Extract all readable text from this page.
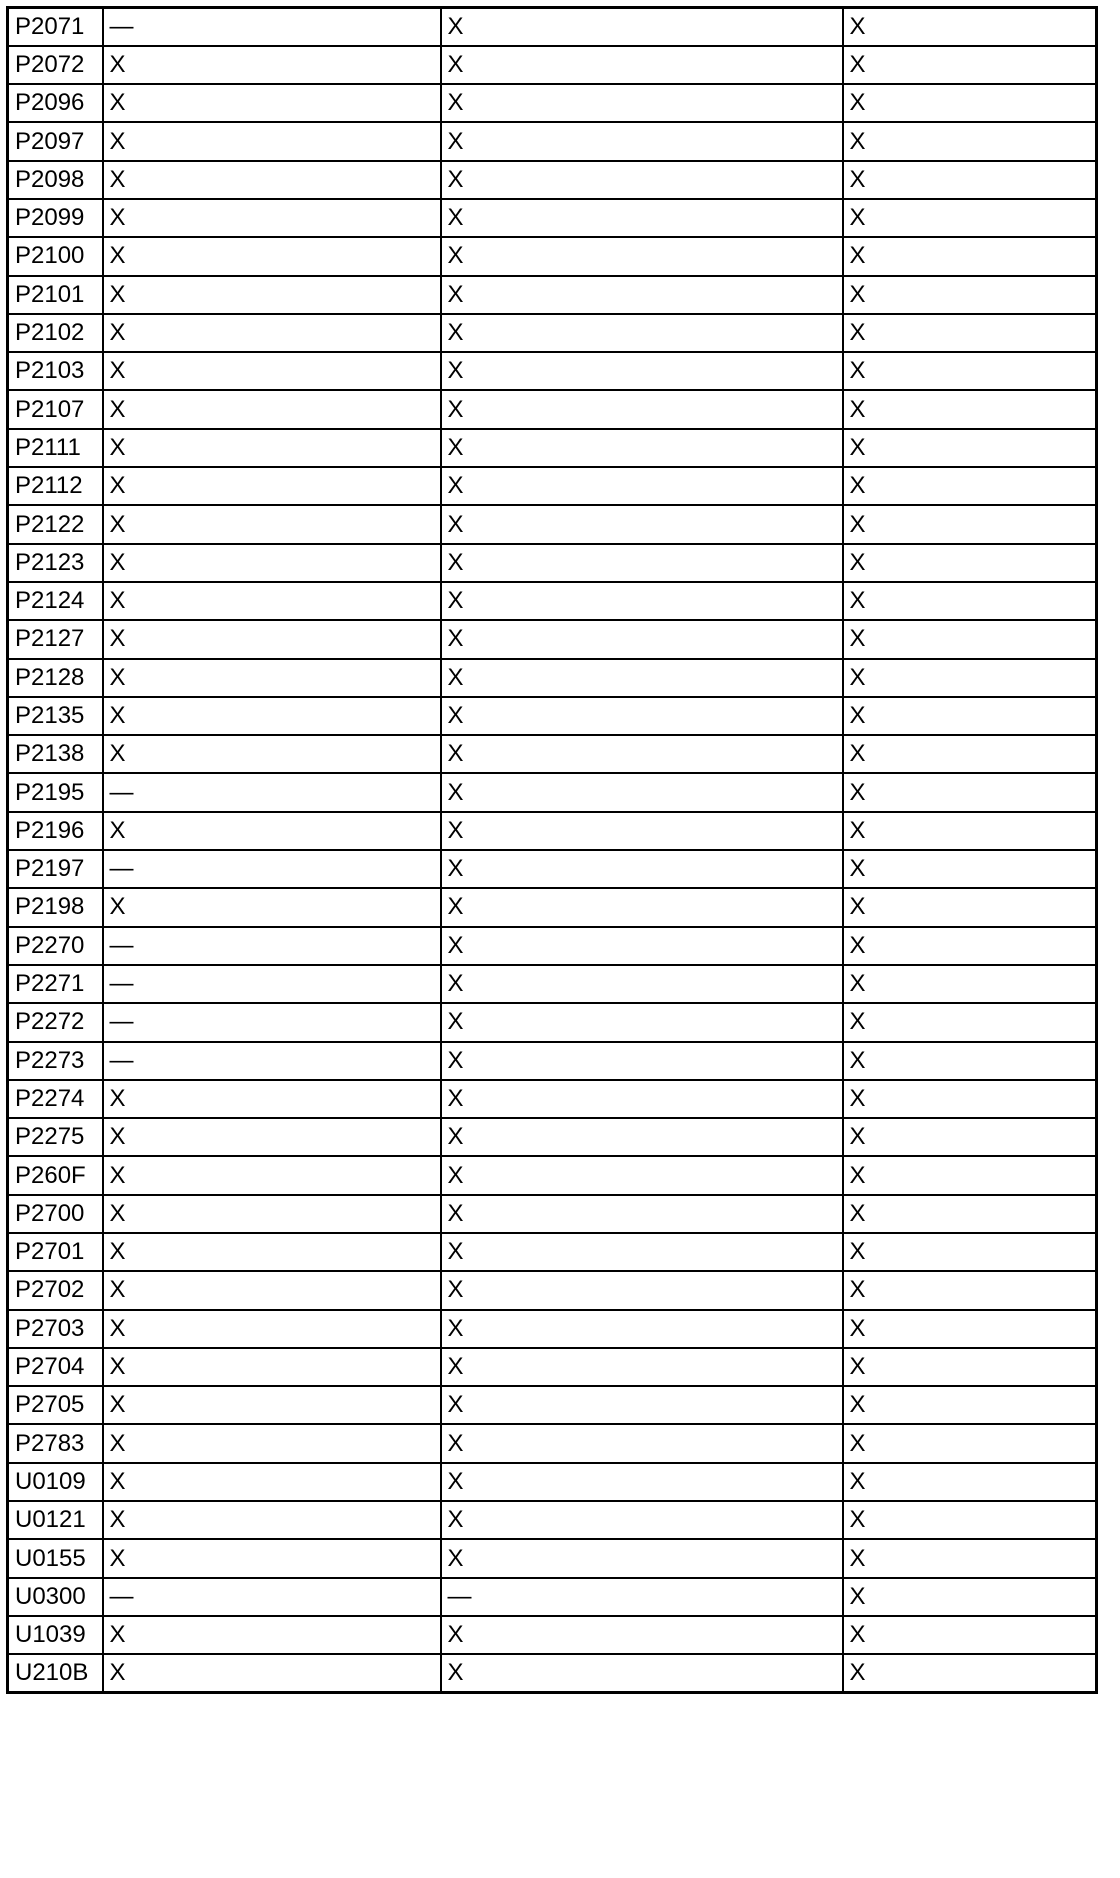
P2071	—	X	X
P2072	X	X	X
P2096	X	X	X
P2097	X	X	X
P2098	X	X	X
P2099	X	X	X
P2100	X	X	X
P2101	X	X	X
P2102	X	X	X
P2103	X	X	X
P2107	X	X	X
P2111	X	X	X
P2112	X	X	X
P2122	X	X	X
P2123	X	X	X
P2124	X	X	X
P2127	X	X	X
P2128	X	X	X
P2135	X	X	X
P2138	X	X	X
P2195	—	X	X
P2196	X	X	X
P2197	—	X	X
P2198	X	X	X
P2270	—	X	X
P2271	—	X	X
P2272	—	X	X
P2273	—	X	X
P2274	X	X	X
P2275	X	X	X
P260F	X	X	X
P2700	X	X	X
P2701	X	X	X
P2702	X	X	X
P2703	X	X	X
P2704	X	X	X
P2705	X	X	X
P2783	X	X	X
U0109	X	X	X
U0121	X	X	X
U0155	X	X	X
U0300	—	—	X
U1039	X	X	X
U210B	X	X	X
